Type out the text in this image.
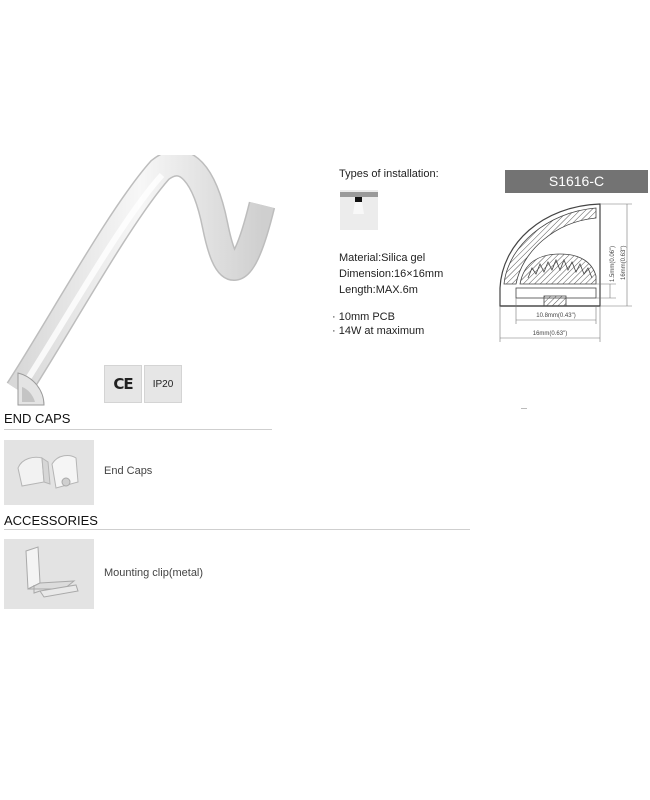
CE IP20
Types of installation:
Material:Silica gel
Dimension:16×16mm
Length:MAX.6m
· 10mm PCB
· 14W at maximum
S1616-C
1.5mm(0.06") 16mm(0.63")
10.8mm(0.43")
16mm(0.63")
END CAPS
End Caps
ACCESSORIES
Mounting clip(metal)
